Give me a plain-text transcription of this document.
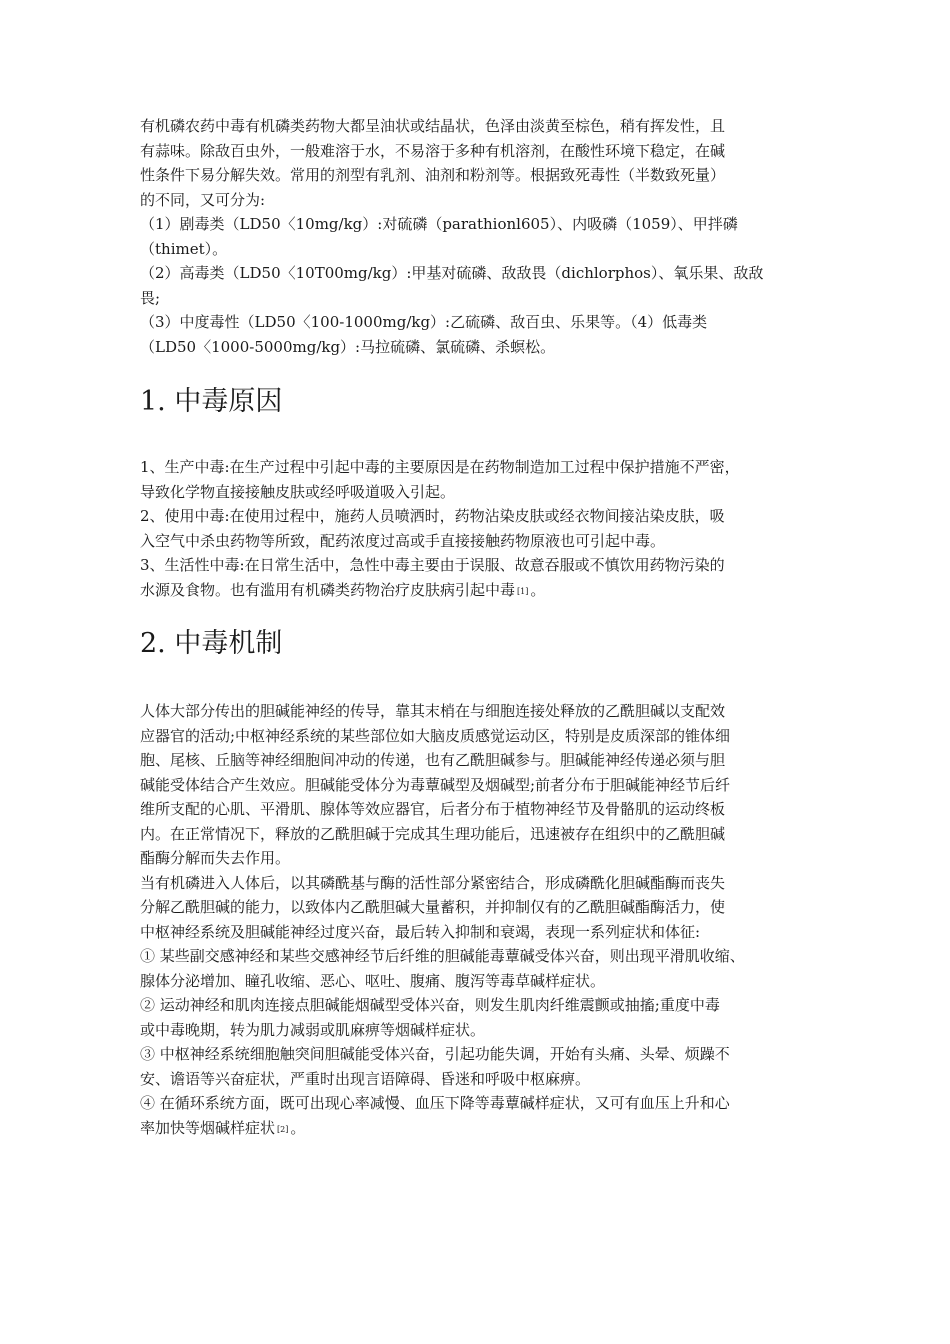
有机磷农药中毒有机磷类药物大都呈油状或结晶状，色泽由淡黄至棕色，稍有挥发性，且
有蒜味。除敌百虫外，一般难溶于水，不易溶于多种有机溶剂，在酸性环境下稳定，在碱
性条件下易分解失效。常用的剂型有乳剂、油剂和粉剂等。根据致死毒性（半数致死量）
的不同，又可分为:
（1）剧毒类（LD50〈10mg/kg）:对硫磷（parathionl605）、内吸磷（1059）、甲拌磷
（thimet）。
（2）高毒类（LD50〈10T00mg/kg）:甲基对硫磷、敌敌畏（dichlorphos）、氧乐果、敌敌
畏;
（3）中度毒性（LD50〈100-1000mg/kg）:乙硫磷、敌百虫、乐果等。（4）低毒类
（LD50〈1000-5000mg/kg）:马拉硫磷、氯硫磷、杀螟松。
1. 中毒原因
1、生产中毒:在生产过程中引起中毒的主要原因是在药物制造加工过程中保护措施不严密，
导致化学物直接接触皮肤或经呼吸道吸入引起。
2、使用中毒:在使用过程中，施药人员喷洒时，药物沾染皮肤或经衣物间接沾染皮肤，吸
入空气中杀虫药物等所致，配药浓度过高或手直接接触药物原液也可引起中毒。
3、生活性中毒:在日常生活中，急性中毒主要由于误服、故意吞服或不慎饮用药物污染的
水源及食物。也有滥用有机磷类药物治疗皮肤病引起中毒 [1] 。
2. 中毒机制
人体大部分传出的胆碱能神经的传导，靠其末梢在与细胞连接处释放的乙酰胆碱以支配效
应器官的活动;中枢神经系统的某些部位如大脑皮质感觉运动区，特别是皮质深部的锥体细
胞、尾核、丘脑等神经细胞间冲动的传递，也有乙酰胆碱参与。胆碱能神经传递必须与胆
碱能受体结合产生效应。胆碱能受体分为毒蕈碱型及烟碱型;前者分布于胆碱能神经节后纤
维所支配的心肌、平滑肌、腺体等效应器官，后者分布于植物神经节及骨骼肌的运动终板
内。在正常情况下，释放的乙酰胆碱于完成其生理功能后，迅速被存在组织中的乙酰胆碱
酯酶分解而失去作用。
当有机磷进入人体后，以其磷酰基与酶的活性部分紧密结合，形成磷酰化胆碱酯酶而丧失
分解乙酰胆碱的能力，以致体内乙酰胆碱大量蓄积，并抑制仅有的乙酰胆碱酯酶活力，使
中枢神经系统及胆碱能神经过度兴奋，最后转入抑制和衰竭，表现一系列症状和体征:
① 某些副交感神经和某些交感神经节后纤维的胆碱能毒蕈碱受体兴奋，则出现平滑肌收缩、
腺体分泌增加、瞳孔收缩、恶心、呕吐、腹痛、腹泻等毒草碱样症状。
② 运动神经和肌肉连接点胆碱能烟碱型受体兴奋，则发生肌肉纤维震颤或抽搐;重度中毒
或中毒晚期，转为肌力减弱或肌麻痹等烟碱样症状。
③ 中枢神经系统细胞触突间胆碱能受体兴奋，引起功能失调，开始有头痛、头晕、烦躁不
安、谵语等兴奋症状，严重时出现言语障碍、昏迷和呼吸中枢麻痹。
④ 在循环系统方面，既可出现心率减慢、血压下降等毒蕈碱样症状，又可有血压上升和心
率加快等烟碱样症状 [2] 。
